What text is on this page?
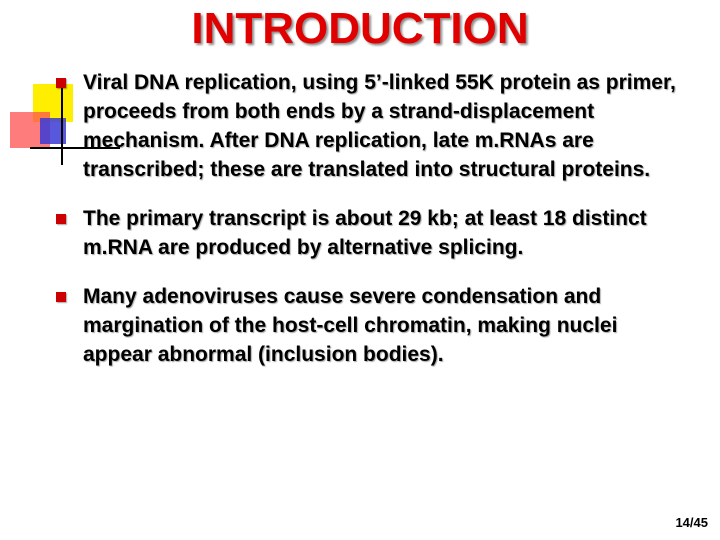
INTRODUCTION
Viral DNA replication, using 5’-linked 55K protein as primer, proceeds from both ends by a strand-displacement mechanism. After DNA replication, late m.RNAs are transcribed; these are translated into structural proteins.
The primary transcript is about 29 kb; at least 18 distinct m.RNA are produced by alternative splicing.
Many adenoviruses cause severe condensation and margination of the host-cell chromatin, making nuclei appear abnormal (inclusion bodies).
14/45
